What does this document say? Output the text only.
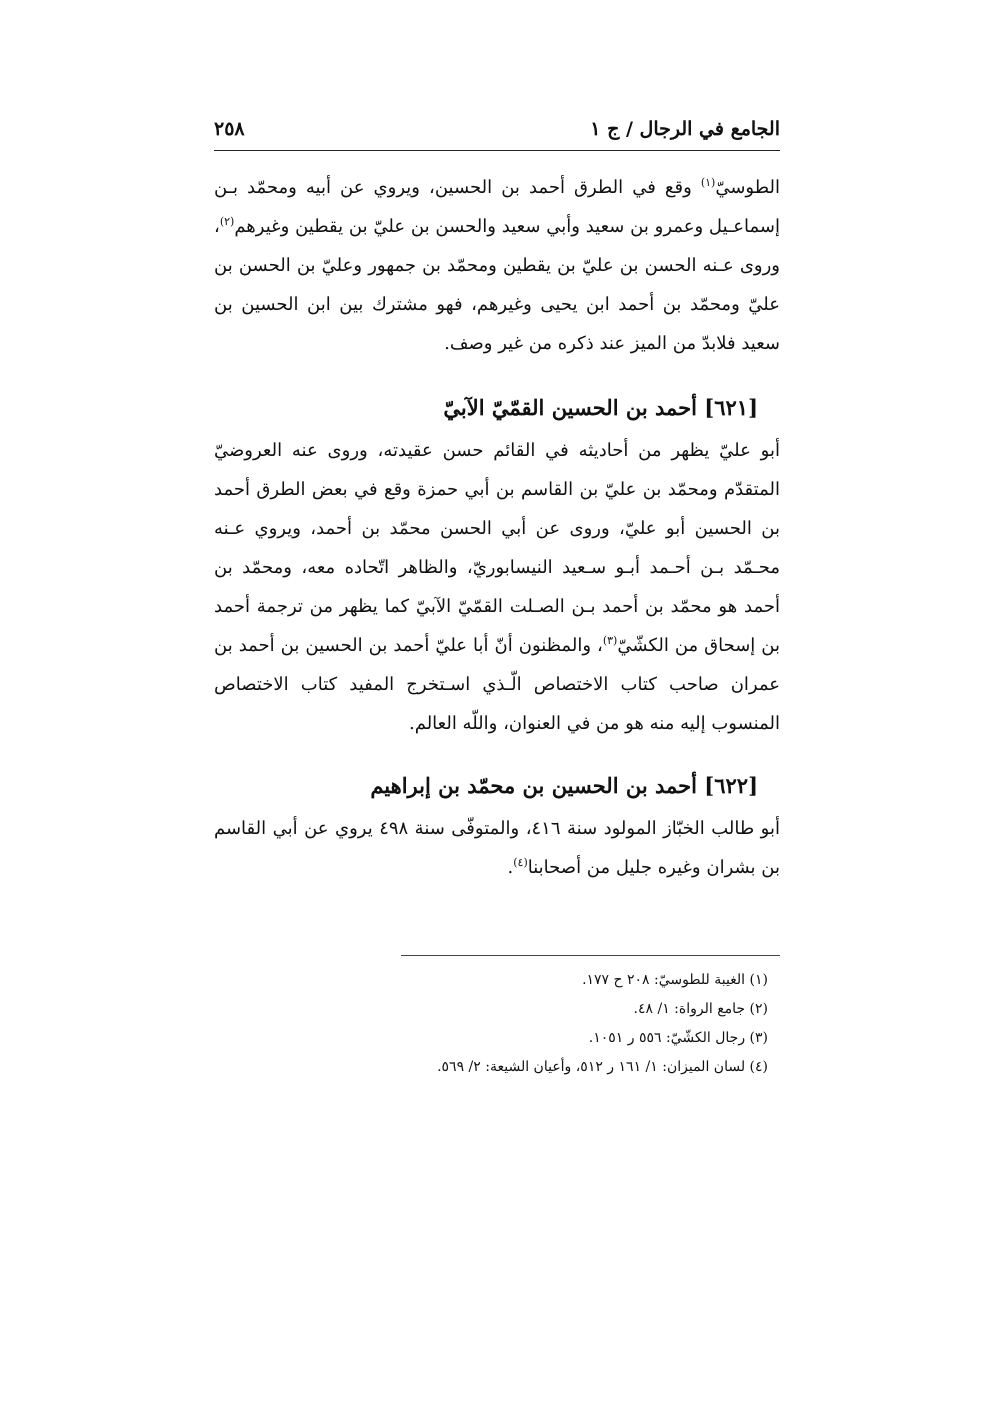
الجامع في الرجال / ج ١
٢٥٨

الطوسيّ$^{(١)}$ وقع في الطرق أحمد بن الحسين، ويروي عن أبيه ومحمّد بـن إسماعـيل وعمرو بن سعيد وأبي سعيد والحسن بن عليّ بن يقطين وغيرهم$^{(٢)}$، وروى عـنه الحسن بن عليّ بن يقطين ومحمّد بن جمهور وعليّ بن الحسن بن عليّ ومحمّد بن أحمد ابن يحيى وغيرهم، فهو مشترك بين ابن الحسين بن سعيد فلابدّ من الميز عند ذكره من غير وصف.

[٦٢١] أحمد بن الحسين القمّيّ الآبيّ

أبو عليّ يظهر من أحاديثه في القائم حسن عقيدته، وروى عنه العروضيّ المتقدّم ومحمّد بن عليّ بن القاسم بن أبي حمزة وقع في بعض الطرق أحمد بن الحسين أبو عليّ، وروى عن أبي الحسن محمّد بن أحمد، ويروي عـنه محـمّد بـن أحـمد أبـو سـعيد النيسابوريّ، والظاهر اتّحاده معه، ومحمّد بن أحمد هو محمّد بن أحمد بـن الصـلت القمّيّ الآبيّ كما يظهر من ترجمة أحمد بن إسحاق من الكشّيّ$^{(٣)}$، والمظنون أنّ أبا عليّ أحمد بن الحسين بن أحمد بن عمران صاحب كتاب الاختصاص الّـذي اسـتخرج المفيد كتاب الاختصاص المنسوب إليه منه هو من في العنوان، واللّه العالم.

[٦٢٢] أحمد بن الحسين بن محمّد بن إبراهيم

أبو طالب الخبّاز المولود سنة ٤١٦، والمتوفّى سنة ٤٩٨ يروي عن أبي القاسم بن بشران وغيره جليل من أصحابنا$^{(٤)}$.

(١) الغيبة للطوسيّ: ٢٠٨ ح ١٧٧.

(٢) جامع الرواة: ١/ ٤٨.

(٣) رجال الكشّيّ: ٥٥٦ ر ١٠٥١.

(٤) لسان الميزان: ١/ ١٦١ ر ٥١٢، وأعيان الشيعة: ٢/ ٥٦٩.
